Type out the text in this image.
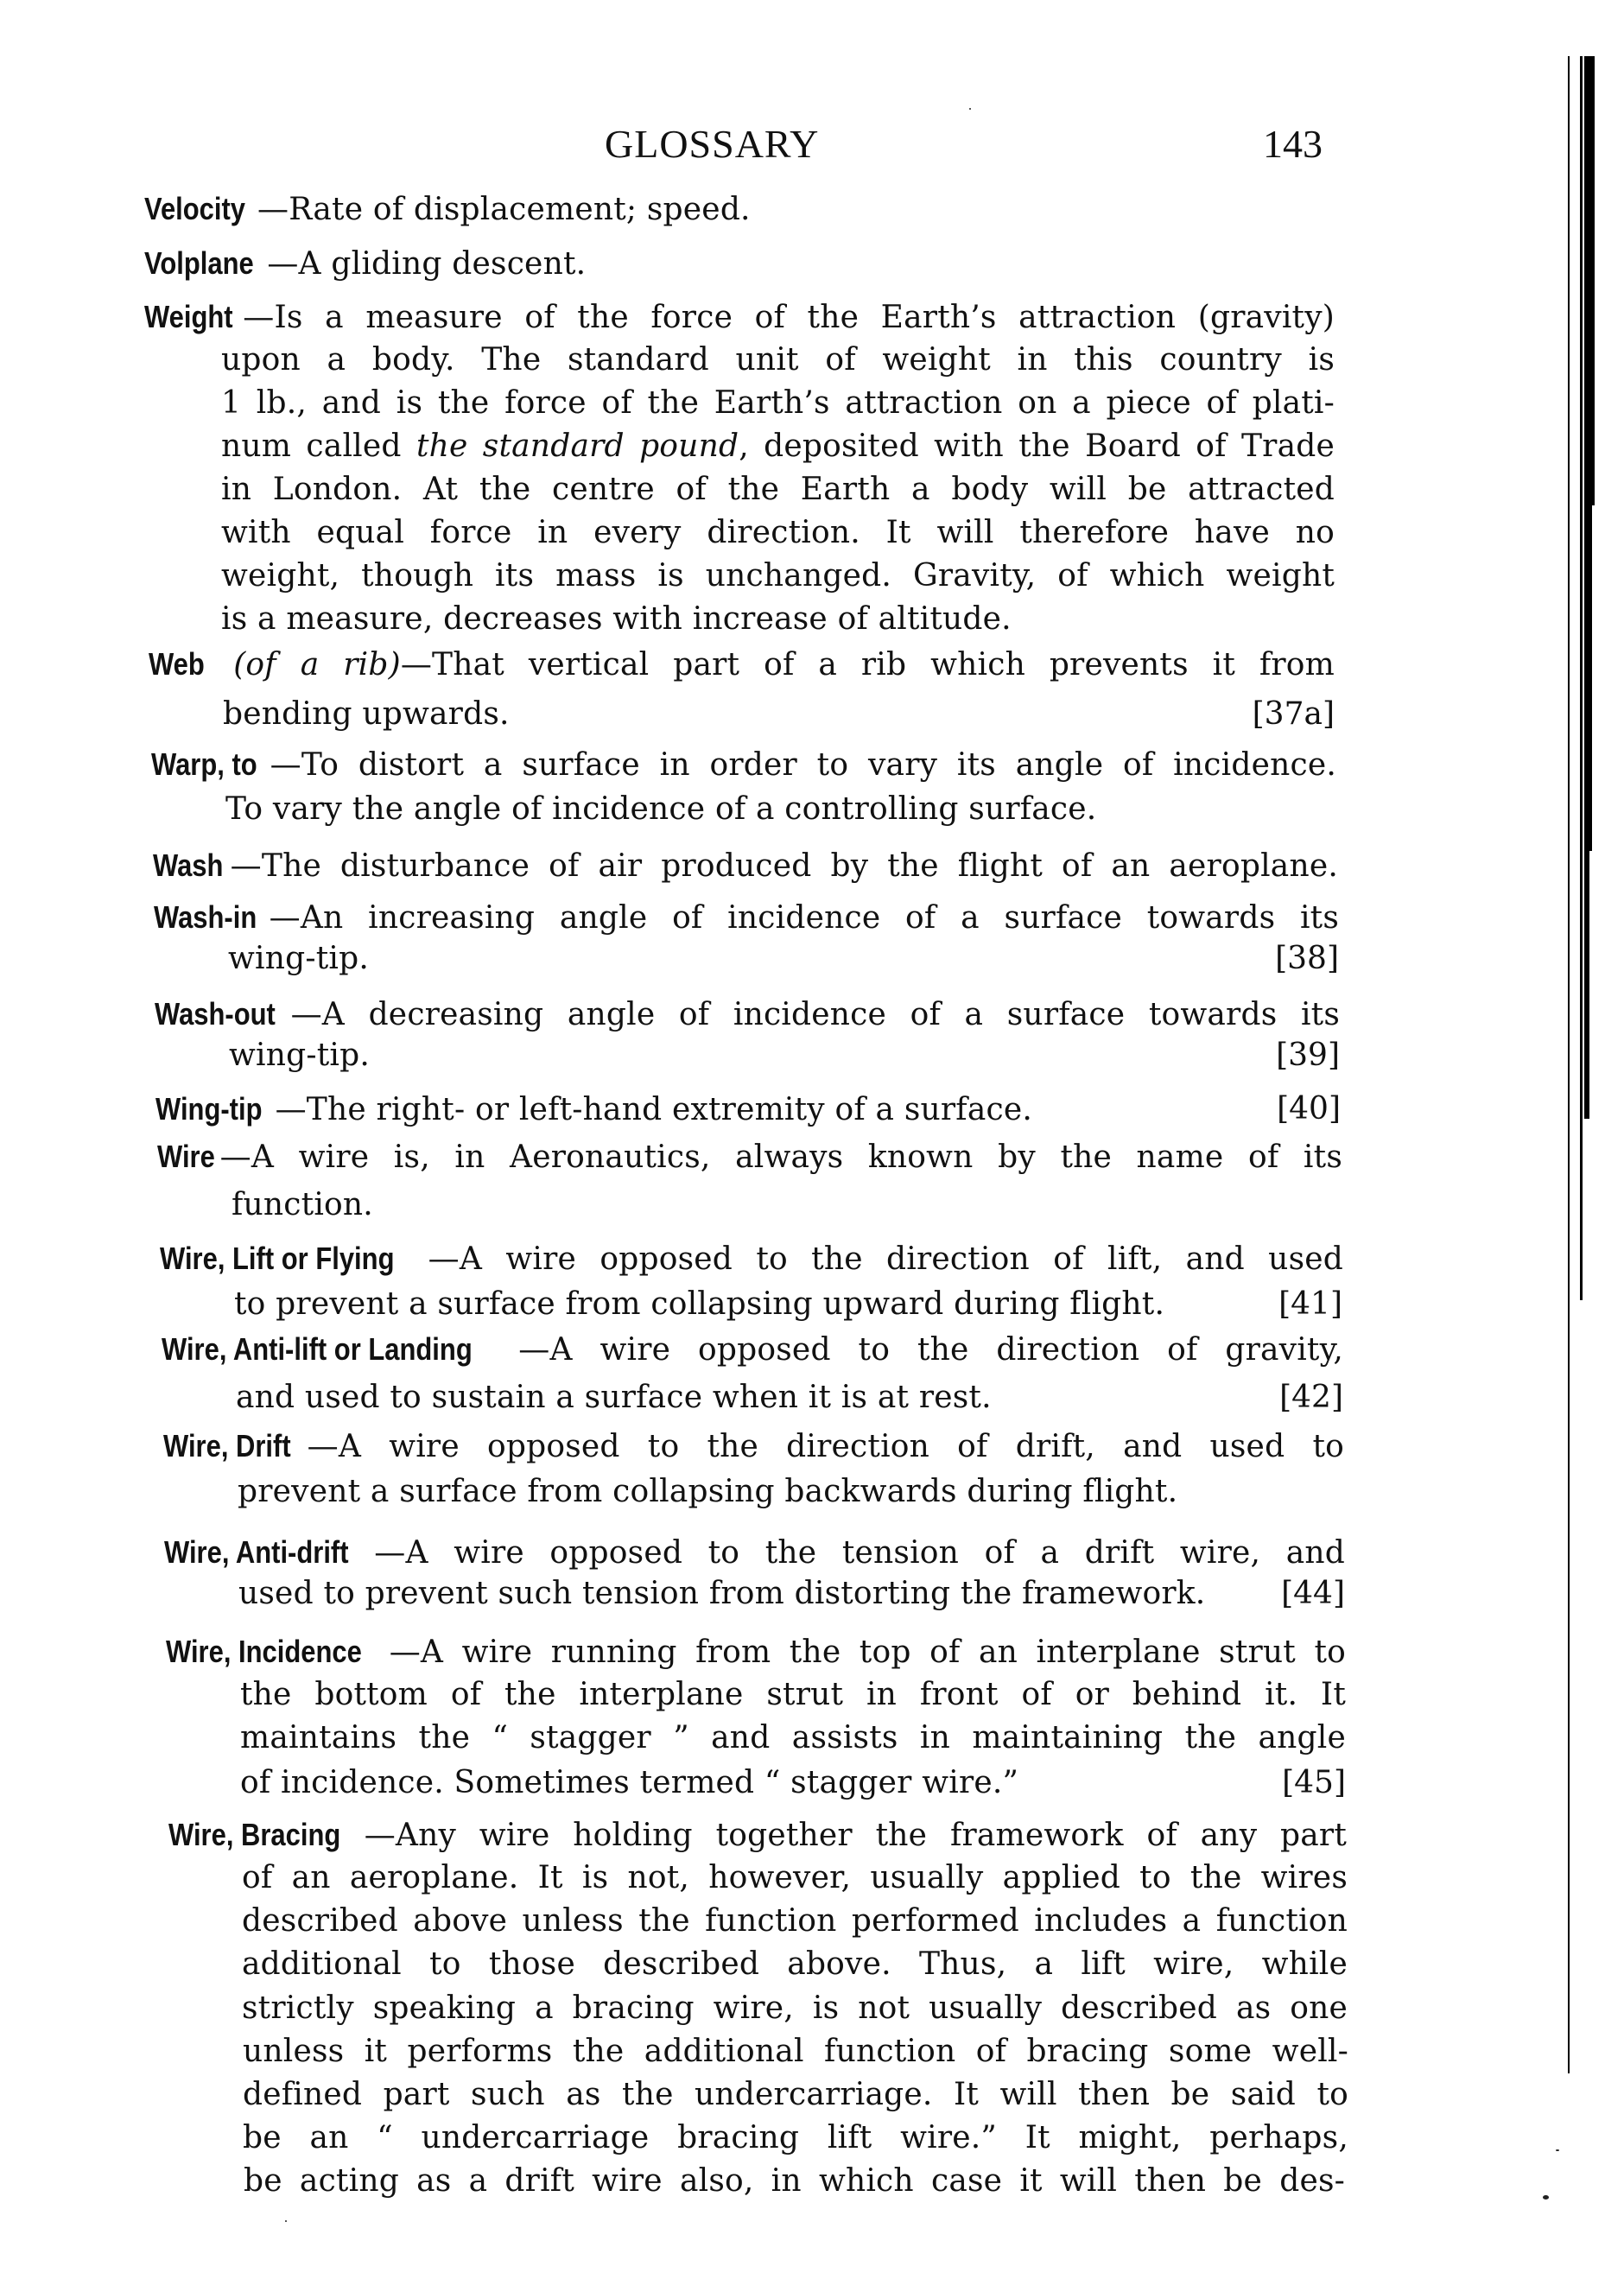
GLOSSARY	143
Velocity —Rate of displacement; speed.
Volplane —A gliding descent.
Weight —Is a measure of the force of the Earth’s attraction (gravity)
upon a body. The standard unit of weight in this country is
1 lb., and is the force of the Earth’s attraction on a piece of plati-
num called the standard pound, deposited with the Board of Trade
in London. At the centre of the Earth a body will be attracted
with equal force in every direction. It will therefore have no
weight, though its mass is unchanged. Gravity, of which weight
is a measure, decreases with increase of altitude.
Web (of a rib)—That vertical part of a rib which prevents it from
bending upwards.	[37a]
Warp, to —To distort a surface in order to vary its angle of incidence.
To vary the angle of incidence of a controlling surface.
Wash —The disturbance of air produced by the flight of an aeroplane.
Wash-in —An increasing angle of incidence of a surface towards its
wing-tip.	[38]
Wash-out —A decreasing angle of incidence of a surface towards its
wing-tip.	[39]
Wing-tip —The right- or left-hand extremity of a surface.	[40]
Wire —A wire is, in Aeronautics, always known by the name of its
function.
Wire, Lift or Flying —A wire opposed to the direction of lift, and used
to prevent a surface from collapsing upward during flight.	[41]
Wire, Anti-lift or Landing —A wire opposed to the direction of gravity,
and used to sustain a surface when it is at rest.	[42]
Wire, Drift —A wire opposed to the direction of drift, and used to
prevent a surface from collapsing backwards during flight.
Wire, Anti-drift —A wire opposed to the tension of a drift wire, and
used to prevent such tension from distorting the framework.	[44]
Wire, Incidence —A wire running from the top of an interplane strut to
the bottom of the interplane strut in front of or behind it. It
maintains the “ stagger ” and assists in maintaining the angle
of incidence. Sometimes termed “ stagger wire.”	[45]
Wire, Bracing —Any wire holding together the framework of any part
of an aeroplane. It is not, however, usually applied to the wires
described above unless the function performed includes a function
additional to those described above. Thus, a lift wire, while
strictly speaking a bracing wire, is not usually described as one
unless it performs the additional function of bracing some well-
defined part such as the undercarriage. It will then be said to
be an “ undercarriage bracing lift wire.” It might, perhaps,
be acting as a drift wire also, in which case it will then be des-
